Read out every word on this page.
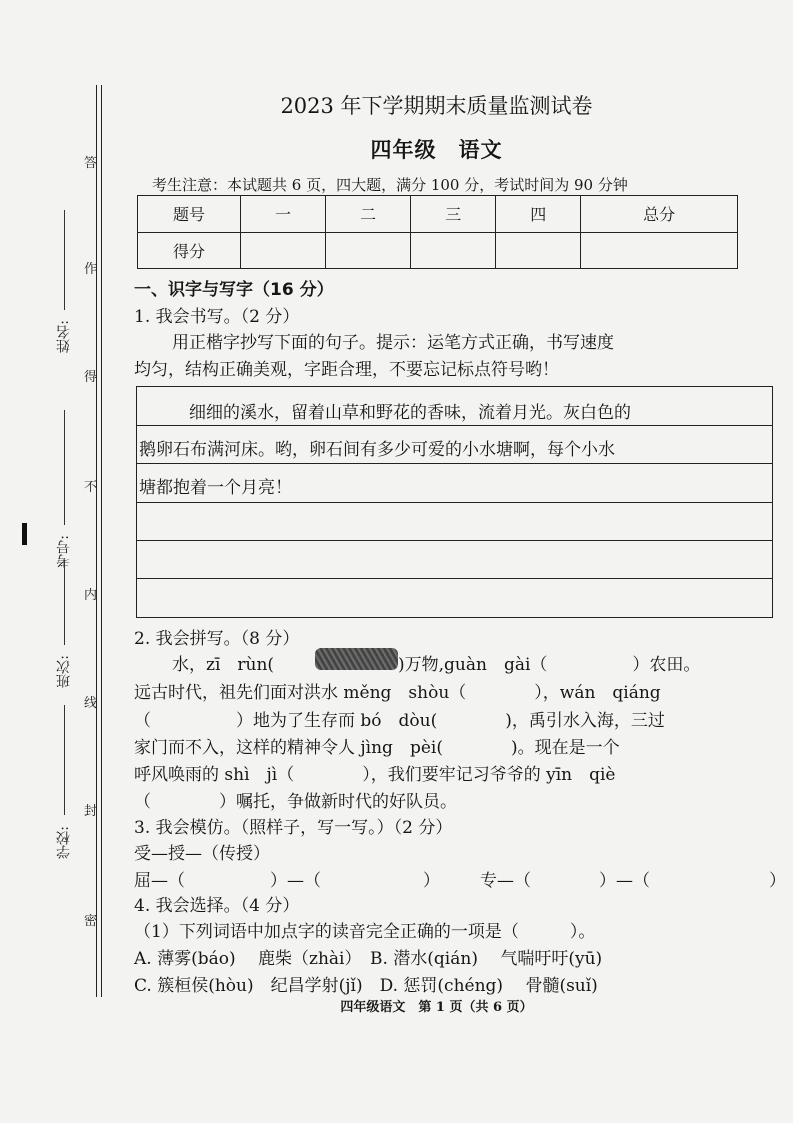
答
作
得
不
内
线
封
密
姓名:
考号:
班次:
学校:
2023 年下学期期末质量监测试卷
四年级　语文
考生注意：本试题共 6 页，四大题，满分 100 分，考试时间为 90 分钟
题号	一	二	三	四	总分
得分					
一、识字与写字（16 分）
1. 我会书写。（2 分）
用正楷字抄写下面的句子。提示：运笔方式正确，书写速度
均匀，结构正确美观，字距合理，不要忘记标点符号哟！
细细的溪水，留着山草和野花的香味，流着月光。灰白色的
鹅卵石布满河床。哟，卵石间有多少可爱的小水塘啊，每个小水
塘都抱着一个月亮！
2. 我会拼写。（8 分）
水，zī　rùn(	)万物,guàn　gài（　　　　　）农田。
远古时代，祖先们面对洪水 měng　shòu（　　　　），wán　qiáng
（　　　　　）地为了生存而 bó　dòu(　　　　)，禹引水入海，三过
家门而不入，这样的精神令人 jìng　pèi(　　　　)。现在是一个
呼风唤雨的 shì　jì（　　　　），我们要牢记习爷爷的 yīn　qiè
（　　　　）嘱托，争做新时代的好队员。
3. 我会模仿。（照样子，写一写。）（2 分）
受—授—（传授）
屈—（　　　　　）—（　　　　　　） 专—（　　　　）—（　　　　　　　）
4. 我会选择。（4 分）
（1）下列词语中加点字的读音完全正确的一项是（　　　）。
A. 薄雾(báo)　 鹿柴（zhài）　B. 潜水(qián)　 气喘吁吁(yū)
C. 簇桓侯(hòu)　纪昌学射(jǐ)　D. 惩罚(chéng)　 骨髓(suǐ)
四年级语文　第 1 页（共 6 页）
